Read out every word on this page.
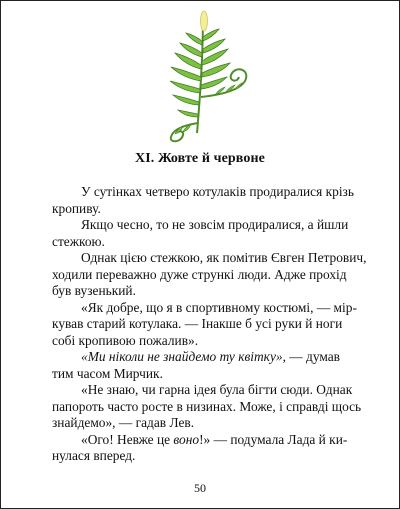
XI. Жовте й червоне

У сутінках четверо котулаків продиралися крізь
кропиву.

Якщо чесно, то не зовсім продиралися, а йшли
стежкою.

Однак цією стежкою, як помітив Євген Петрович,
ходили переважно дуже стрункі люди. Адже прохід
був вузенький.

«Як добре, що я в спортивному костюмі, — мір-
кував старий котулака. — Інакше б усі руки й ноги
собі кропивою пожалив».

«Ми ніколи не знайдемо ту квітку», — думав
тим часом Мирчик.

«Не знаю, чи гарна ідея була бігти сюди. Однак
папороть часто росте в низинах. Може, і справді щось
знайдемо», — гадав Лев.

«Ого! Невже це воно!» — подумала Лада й ки-
нулася вперед.

50
